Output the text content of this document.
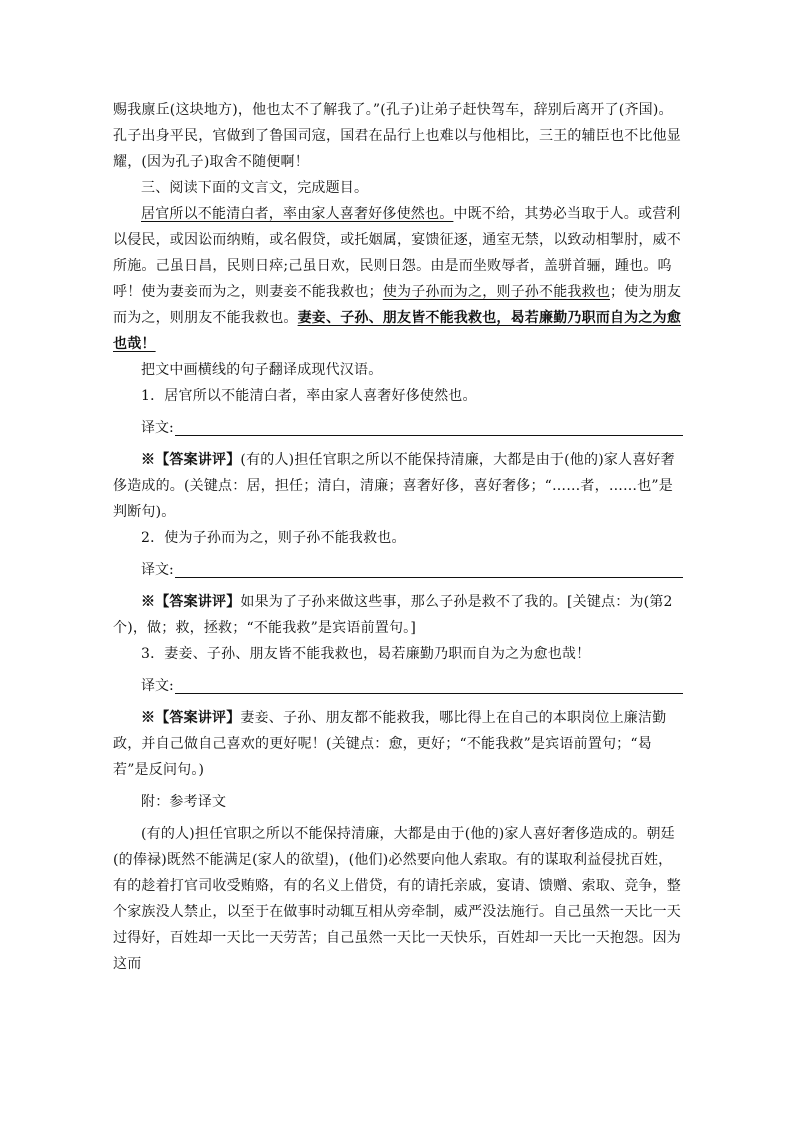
赐我廪丘(这块地方)，他也太不了解我了。”(孔子)让弟子赶快驾车，辞别后离开了(齐国)。孔子出身平民，官做到了鲁国司寇，国君在品行上也难以与他相比，三王的辅臣也不比他显耀，(因为孔子)取舍不随便啊！

三、阅读下面的文言文，完成题目。

居官所以不能清白者，率由家人喜奢好侈使然也。中既不给，其势必当取于人。或营利以侵民，或因讼而纳贿，或名假贷，或托姻属，宴馈征逐，通室无禁，以致动相掣肘，威不所施。己虽日昌，民则日瘁;己虽日欢，民则日怨。由是而坐败辱者，盖骈首骊，踵也。呜呼！使为妻妾而为之，则妻妾不能我救也；使为子孙而为之，则子孙不能我救也；使为朋友而为之，则朋友不能我救也。妻妾、子孙、朋友皆不能我救也，曷若廉勤乃职而自为之为愈也哉！

把文中画横线的句子翻译成现代汉语。

1．居官所以不能清白者，率由家人喜奢好侈使然也。

译文:

※【答案讲评】(有的人)担任官职之所以不能保持清廉，大都是由于(他的)家人喜好奢侈造成的。(关键点：居，担任；清白，清廉；喜奢好侈，喜好奢侈；“……者，……也”是判断句)。

2．使为子孙而为之，则子孙不能我救也。

译文:

※【答案讲评】如果为了子孙来做这些事，那么子孙是救不了我的。[关键点：为(第2个)，做；救，拯救；“不能我救”是宾语前置句。]

3．妻妾、子孙、朋友皆不能我救也，曷若廉勤乃职而自为之为愈也哉！

译文:

※【答案讲评】妻妾、子孙、朋友都不能救我，哪比得上在自己的本职岗位上廉洁勤政，并自己做自己喜欢的更好呢！(关键点：愈，更好；“不能我救”是宾语前置句；“曷若”是反问句。)

附：参考译文

(有的人)担任官职之所以不能保持清廉，大都是由于(他的)家人喜好奢侈造成的。朝廷(的俸禄)既然不能满足(家人的欲望)，(他们)必然要向他人索取。有的谋取利益侵扰百姓，有的趁着打官司收受贿赂，有的名义上借贷，有的请托亲戚，宴请、馈赠、索取、竞争，整个家族没人禁止，以至于在做事时动辄互相从旁牵制，威严没法施行。自己虽然一天比一天过得好，百姓却一天比一天劳苦；自己虽然一天比一天快乐，百姓却一天比一天抱怨。因为这而
